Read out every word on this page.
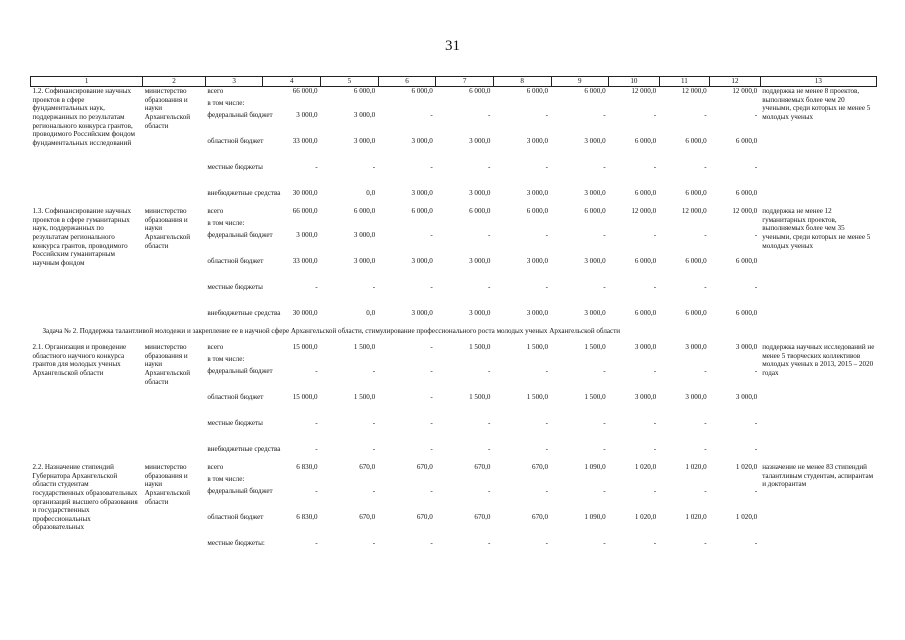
31
1	2	3	4	5	6	7	8	9	10	11	12	13
1.2. Софинансирование научных проектов в сфере фундаментальных наук, поддержанных по результатам регионального конкурса грантов, проводимого Российским фондом фундаментальных исследований	министерство образования и науки Архангельской области	всего	66 000,0	6 000,0	6 000,0	6 000,0	6 000,0	6 000,0	12 000,0	12 000,0	12 000,0	поддержка не менее 8 проектов, выполняемых более чем 20 учеными, среди которых не менее 5 молодых ученых
		в том числе:										
		федеральный бюджет	3 000,0	3 000,0	-	-	-	-	-	-	-	
		областной бюджет	33 000,0	3 000,0	3 000,0	3 000,0	3 000,0	3 000,0	6 000,0	6 000,0	6 000,0	
		местные бюджеты	-	-	-	-	-	-	-	-	-	
		внебюджетные средства	30 000,0	0,0	3 000,0	3 000,0	3 000,0	3 000,0	6 000,0	6 000,0	6 000,0	

1.3. Софинансирование научных проектов в сфере гуманитарных наук, поддержанных по результатам регионального конкурса грантов, проводимого Российским гуманитарным научным фондом	министерство образования и науки Архангельской области	всего	66 000,0	6 000,0	6 000,0	6 000,0	6 000,0	6 000,0	12 000,0	12 000,0	12 000,0	поддержка не менее 12 гуманитарных проектов, выполняемых более чем 35 учеными, среди которых не менее 5 молодых ученых
		в том числе:										
		федеральный бюджет	3 000,0	3 000,0	-	-	-	-	-	-	-	
		областной бюджет	33 000,0	3 000,0	3 000,0	3 000,0	3 000,0	3 000,0	6 000,0	6 000,0	6 000,0	
		местные бюджеты	-	-	-	-	-	-	-	-	-	
		внебюджетные средства	30 000,0	0,0	3 000,0	3 000,0	3 000,0	3 000,0	6 000,0	6 000,0	6 000,0	

Задача № 2. Поддержка талантливой молодежи и закрепление ее в научной сфере Архангельской области, стимулирование профессионального роста молодых ученых Архангельской области												
2.1. Организация и проведение областного научного конкурса грантов для молодых ученых Архангельской области	министерство образования и науки Архангельской области	всего	15 000,0	1 500,0	-	1 500,0	1 500,0	1 500,0	3 000,0	3 000,0	3 000,0	поддержка научных исследований не менее 5 творческих коллективов молодых ученых в 2013, 2015 – 2020 годах
		в том числе:										
		федеральный бюджет	-	-	-	-	-	-	-	-	-	
		областной бюджет	15 000,0	1 500,0	-	1 500,0	1 500,0	1 500,0	3 000,0	3 000,0	3 000,0	
		местные бюджеты	-	-	-	-	-	-	-	-	-	
		внебюджетные средства	-	-	-	-	-	-	-	-	-	

2.2. Назначение стипендий Губернатора Архангельской области студентам государственных образовательных организаций высшего образования и государственных профессиональных образовательных	министерство образования и науки Архангельской области	всего	6 830,0	670,0	670,0	670,0	670,0	1 090,0	1 020,0	1 020,0	1 020,0	назначение не менее 83 стипендий талантливым студентам, аспирантам и докторантам
		в том числе:										
		федеральный бюджет	-	-	-	-	-	-	-	-	-	
		областной бюджет	6 830,0	670,0	670,0	670,0	670,0	1 090,0	1 020,0	1 020,0	1 020,0	
		местные бюджеты:	-	-	-	-	-	-	-	-	-	
